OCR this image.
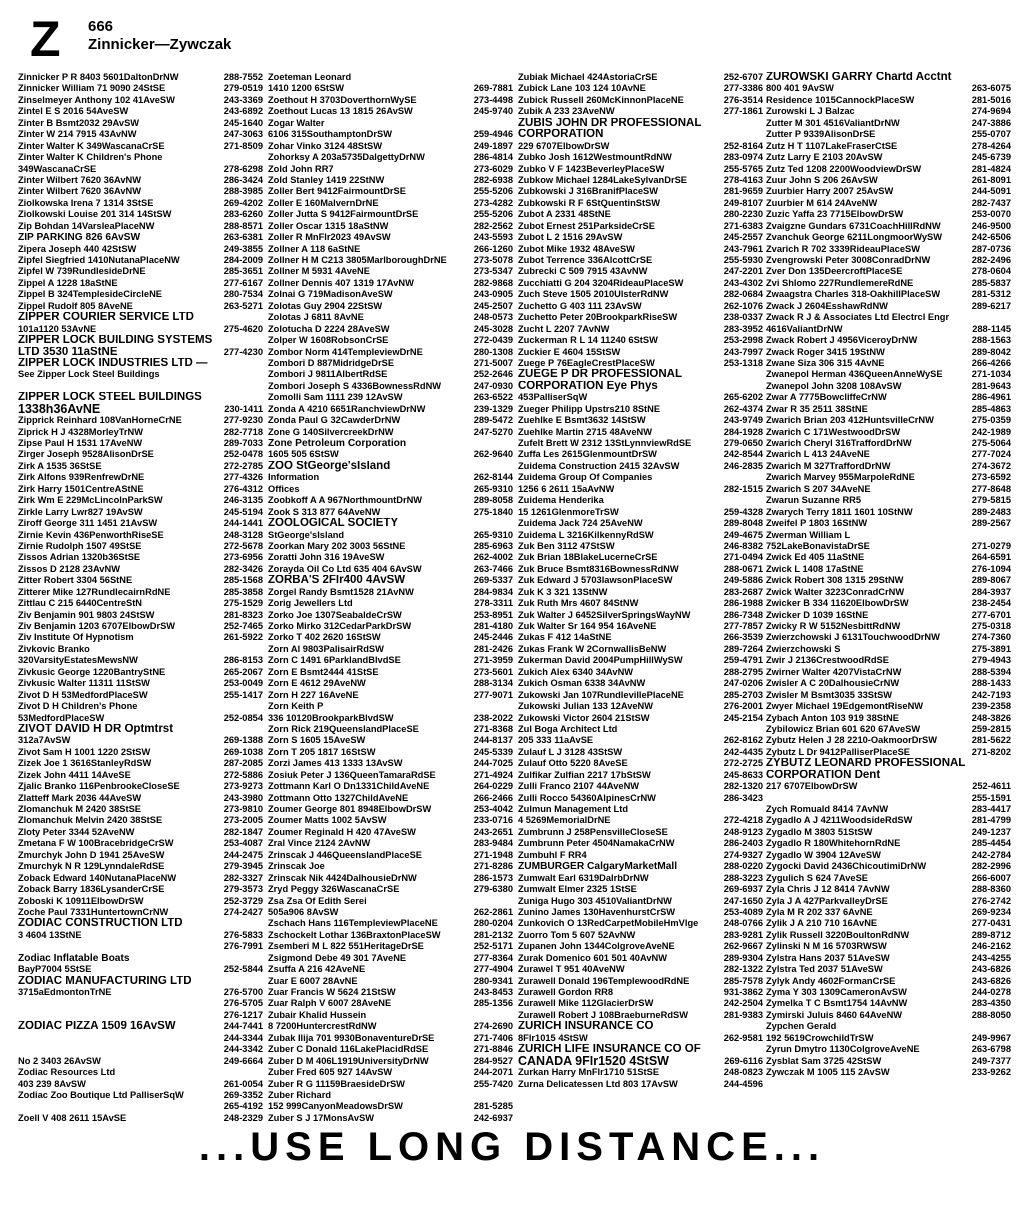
Z 666
Zinnicker—Zywczak
288-7552
Zinnicker P R 8403 5601DaltonDrNW
279-0519
Zinnicker William 71 9090 24StSE
243-3369
Zinselmeyer Anthony 102 41AveSW
243-6892
Zintel E S 2016 54AveSW
245-1640
Zinter B Bsmt2032 29AvSW
247-3063
Zinter W 214 7915 43AvNW
271-8509
Zinter Walter K 349WascanaCrSE
Zinter Walter K Children's Phone
278-6298
349WascanaCrSE
286-3424
Zinter Wilbert 7620 36AvNW
288-3985
Zinter Wilbert 7620 36AvNW
269-4202
Ziolkowska Irena 7 1314 3StSE
283-6260
Ziolkowski Louise 201 314 14StSW
288-8571
Zip Bohdan 14VarsleaPlaceNW
263-6381
ZIP PARKING 826 6AvSW
249-3855
Zipera Joseph 440 42StSW
284-2009
Zipfel Siegfried 1410NutanaPlaceNW
285-3651
Zipfel W 739RundlesideDrNE
277-6167
Zippel A 1228 18aStNE
280-7534
Zippel B 324TemplesideCircleNE
263-5271
Zippel Rudolf 805 8AveNE
ZIPPER COURIER SERVICE LTD
275-4620
101a1120 53AvNE
ZIPPER LOCK BUILDING SYSTEMS
277-4230
LTD 3530 11aStNE
ZIPPER LOCK INDUSTRIES LTD —
See Zipper Lock Steel Buildings
ZIPPER LOCK STEEL BUILDINGS
230-1411
1338h36AvNE
277-9230
Zipprick Reinhard 108VanHorneCrNE
282-7718
Ziprick H J 4328MorleyTrNW
289-7033
Zipse Paul H 1531 17AveNW
252-0478
Zirger Joseph 9528AlisonDrSE
272-2785
Zirk A 1535 36StSE
277-4326
Zirk Alfons 939RenfrewDrNE
276-4312
Zirk Harry 1501CentreAStNE
246-3135
Zirk Wm E 229McLincolnParkSW
245-5194
Zirkle Larry Lwr827 19AvSW
244-1441
Ziroff George 311 1451 21AvSW
248-3128
Zirnie Kevin 436PenworthRiseSE
272-5678
Zirnie Rudolph 1507 49StSE
273-6956
Zissos Adrian 1320b36StSE
282-3426
Zissos D 2128 23AvNW
285-1568
Zitter Robert 3304 56StNE
285-3858
Zitterer Mike 127RundlecairnRdNE
275-1529
Zittlau C 215 6440CentreStN
281-8323
Ziv Benjamin 901 9803 24StSW
252-7465
Ziv Benjamin 1203 6707ElbowDrSW
261-5922
Ziv Institute Of Hypnotism
Zivkovic Branko
286-8153
320VarsityEstatesMewsNW
265-2067
Zivkusic George 1220BantryStNE
253-0049
Zivkusic Walter 11311 11StSW
255-1417
Zivot D H 53MedfordPlaceSW
Zivot D H Children's Phone
252-0854
53MedfordPlaceSW
ZIVOT DAVID H DR Optmtrst
269-1388
312a7AvSW
269-1038
Zivot Sam H 1001 1220 2StSW
287-2085
Zizek Joe 1 3616StanleyRdSW
272-5886
Zizek John 4411 14AveSE
273-9273
Zjalic Branko 116PenbrookeCloseSE
243-3980
Zlatteff Mark 2036 44AveSW
273-9810
Zlomanchuk M 2420 38StSE
273-2005
Zlomanchuk Melvin 2420 38StSE
282-1847
Zloty Peter 3344 52AveNW
253-4087
Zmetana F W 100BracebridgeCrSW
244-2475
Zmurchyk John D 1941 25AveSW
279-3945
Zmurchyk N R 129LynndaleRdSE
282-3327
Zoback Edward 140NutanaPlaceNW
279-3573
Zoback Barry 1836LysanderCrSE
252-3729
Zoboski K 10911ElbowDrSW
274-2427
Zoche Paul 7331HuntertownCrNW
ZODIAC CONSTRUCTION LTD
276-5833
3 4604 13StNE
276-7991
Zodiac Inflatable Boats
252-5844
BayP7004 5StSE
ZODIAC MANUFACTURING LTD
276-5700
3715aEdmontonTrNE
276-5705
276-1217
244-7441
ZODIAC PIZZA 1509 16AvSW
244-3344
244-3342
249-6664
No 2 3403 26AvSW
Zodiac Resources Ltd
261-0054
403 239 8AvSW
269-3352
Zodiac Zoo Boutique Ltd PalliserSqW
265-4192
248-2329
Zoell V 408 2611 15AvSE
Zoeteman Leonard
269-7881
1410 1200 6StSW
273-4498
Zoethout H 3703DoverthornWySE
245-9740
Zoethout Lucas 13 1815 26AvSW
Zogar Walter
259-4946
6106 315SouthamptonDrSW
249-1897
Zohar Vinko 3124 48StSW
286-4814
Zohorksy A 203a5735DalgettyDrNW
273-6029
Zold John RR7
282-6938
Zold Stanley 1419 22StNW
255-5206
Zoller Bert 9412FairmountDrSE
273-4282
Zoller E 160MalvernDrNE
255-5206
Zoller Jutta S 9412FairmountDrSE
282-2562
Zoller Oscar 1315 18aStNW
243-5593
Zoller R MnFlr2023 49AvSW
266-1260
Zollner A 118 6aStNE
273-5078
Zollner H M C213 3805MarlboroughDrNE
273-5347
Zollner M 5931 4AveNE
282-9868
Zollner Dennis 407 1319 17AvNW
243-0905
Zolnai G 719MadisonAveSW
245-2507
Zolotas Guy 2904 22StSW
248-0573
Zolotas J 6811 8AvNE
245-3028
Zolotucha D 2224 28AveSW
272-0439
Zolper W 1608RobsonCrSE
280-1308
Zombor Norm 414TempleviewDrNE
271-5007
Zombori D 887MidridgeDrSE
252-2646
Zombori J 9811AlbertRdSE
247-0930
Zombori Joseph S 4336BownessRdNW
263-6522
Zomolli Sam 1111 239 12AvSW
239-1329
Zonda A 4210 6651RanchviewDrNW
289-5472
Zonda Paul G 32CawderDrNW
247-5270
Zone G 140SilvercreekDrNW
Zone Petroleum Corporation
262-9640
1605 505 6StSW
ZOO StGeorge'sIsland
262-8144
Information
265-9310
Offices
289-8058
Zoobkoff A A 967NorthmountDrNW
275-1840
Zook S 313 877 64AveNW
ZOOLOGICAL SOCIETY
265-9310
StGeorge'sIsland
285-6963
Zoorkan Mary 202 3003 56StNE
262-4002
Zoratti John 316 19AveSW
263-7466
Zorayda Oil Co Ltd 635 404 6AvSW
269-5337
ZORBA'S 2Flr400 4AvSW
284-9834
Zorgel Randy Bsmt1528 21AvNW
278-3311
Zorig Jewellers Ltd
253-8951
Zorko Joe 1307SeabaldeCrSW
281-4180
Zorko Mirko 312CedarParkDrSW
245-2446
Zorko T 402 2620 16StSW
281-2426
Zorn Al 9803PalisairRdSW
271-3959
Zorn C 1491 6ParklandBlvdSE
273-5601
Zorn E Bsmt2444 41StSE
288-3134
Zorn E 4612 29AveNW
277-9071
Zorn H 227 16AveNE
Zorn Keith P
238-2022
336 10120BrookparkBlvdSW
271-8368
Zorn Rick 219QueenslandPlaceSE
244-8137
Zorn S 1605 15AveSW
245-5339
Zorn T 205 1817 16StSW
244-7025
Zorzi James 413 1333 13AvSW
271-4924
Zosiuk Peter J 136QueenTamaraRdSE
264-0229
Zottmann Karl O Dn1331ChildAveNE
266-2466
Zottmann Otto 1327ChildAveNE
253-4042
Zoumer George 801 8948ElbowDrSW
233-0716
Zoumer Matts 1002 5AvSW
243-2651
Zoumer Reginald H 420 47AveSW
283-9484
Zral Vince 2124 2AvNW
271-1948
Zrinscak J 446QueenslandPlaceSE
271-8286
Zrinscak Joe
286-1573
Zrinscak Nik 4424DalhousieDrNW
279-6380
Zryd Peggy 326WascanaCrSE
Zsa Zsa Of Edith Serei
262-2861
505a906 8AvSW
280-0204
Zschach Hans 116TempleviewPlaceNE
281-2132
Zschockelt Lothar 136BraxtonPlaceSW
252-5171
Zsemberi M L 822 551HeritageDrSE
277-8364
Zsigmond Debe 49 301 7AveNE
277-4904
Zsuffa A 216 42AveNE
280-9341
Zuar E 6007 28AvNE
243-8453
Zuar Francis W 5624 21StSW
285-1356
Zuar Ralph V 6007 28AveNE
Zubair Khalid Hussein
274-2690
8 7200HuntercrestRdNW
271-7406
Zubak Ilija 701 9930BonaventureDrSE
271-8846
Zuber C Donald 116LakePlacidRdSE
284-9527
Zuber D M 406L1919UniversityDrNW
244-2071
Zuber Fred 605 927 14AvSW
255-7420
Zuber R G 11159BraesideDrSW
Zuber Richard
281-5285
152 999CanyonMeadowsDrSW
242-6937
Zuber S J 17MonsAvSW
252-6707
Zubiak Michael 424AstoriaCrSE
277-3386
Zubick Lane 103 124 10AvNE
276-3514
Zubick Russell 260McKinnonPlaceNE
277-1861
Zubik A 233 23AveNW
ZUBIS JOHN DR PROFESSIONAL
CORPORATION
252-8164
229 6707ElbowDrSW
283-0974
Zubko Josh 1612WestmountRdNW
255-5765
Zubko V F 1423BeverleyPlaceSW
278-4163
Zubkow Michael 1284LakeSylvanDrSE
281-9659
Zubkowski J 316BranifPlaceSW
249-8107
Zubkowski R F 6StQuentinStSW
280-2230
Zubot A 2331 48StNE
271-6383
Zubot Ernest 251ParksideCrSE
245-2557
Zubot L 2 1516 29AvSW
243-7961
Zubot Mike 1932 48AveSW
255-5930
Zubot Terrence 336AlcottCrSE
247-2201
Zubrecki C 509 7915 43AvNW
243-4302
Zucchiatti G 204 3204RideauPlaceSW
282-0684
Zuch Steve 1505 2010UlsterRdNW
262-1076
Zuchetto G 403 111 23AvSW
238-0337
Zuchetto Peter 20BrookparkRiseSW
283-3952
Zucht L 2207 7AvNW
253-2998
Zuckerman R L 14 11240 6StSW
243-7997
Zuckier E 4604 15StSW
253-1318
Zuege P 76EagleCrestPlaceSW
ZUEGE P DR PROFESSIONAL
CORPORATION Eye Phys
265-6202
453PalliserSqW
262-4374
Zueger Philipp Upstrs210 8StNE
243-9749
Zuehlke E Bsmt3632 14StSW
284-1928
Zuehlke Martin 2715 48AveNW
279-0650
Zufelt Brett W 2312 13StLynnviewRdSE
242-8544
Zuffa Les 2615GlenmountDrSW
246-2835
Zuidema Construction 2415 32AvSW
Zuidema Group Of Companies
282-1515
1256 6 2611 15aAvNW
Zuidema Henderika
259-4328
15 1261GlenmoreTrSW
289-8048
Zuidema Jack 724 25AveNW
249-4675
Zuidema L 3216KilkennyRdSW
246-8382
Zuk Ben 3112 47StSW
271-0494
Zuk Brian 18BlakeLucerneCrSE
288-0671
Zuk Bruce Bsmt8316BownessRdNW
249-5886
Zuk Edward J 5703lawsonPlaceSW
283-2687
Zuk K 3 321 13StNW
286-1988
Zuk Ruth Mrs 4607 84StNW
286-7348
Zuk Walter J 6452SilverSpringsWayNW
277-7857
Zuk Walter Sr 164 954 16AveNE
266-3539
Zukas F 412 14aStNE
289-7264
Zukas Frank W 2CornwallisBeNW
259-4791
Zukerman David 2004PumpHillWySW
288-2795
Zukich Alex 6340 34AvNW
247-0206
Zukich Osman 6338 34AvNW
285-2703
Zukowski Jan 107RundlevillePlaceNE
276-2001
Zukowski Julian 133 12AveNW
245-2154
Zukowski Victor 2604 21StSW
Zul Boga Architect Ltd
262-8162
205 333 11aAvSE
242-4435
Zulauf L J 3128 43StSW
272-2725
Zulauf Otto 5220 8AveSE
245-8633
Zulfikar Zulfian 2217 17bStSW
282-1320
Zulli Franco 2107 44AveNW
286-3423
Zulli Rocco 54360AlpinesCrNW
Zulmun Management Ltd
272-4218
4 5269MemorialDrNE
248-9123
Zumbrunn J 258PensvilleCloseSE
286-2403
Zumbrunn Peter 4504NamakaCrNW
274-9327
Zumbuhl F RR4
288-0220
ZUMBURGER CalgaryMarketMall
288-3223
Zumwalt Earl 6319DalrbDrNW
269-6937
Zumwalt Elmer 2325 1StSE
247-1650
Zuniga Hugo 303 4510ValiantDrNW
253-4089
Zunino James 130HavenhurstCrSW
248-0766
Zunkovich O 13RedCarpetMobileHmVlge
283-9281
Zuorro Tom 5 607 52AvNW
262-9667
Zupanen John 1344ColgroveAveNE
289-9304
Zurak Domenico 601 501 40AvNW
282-1322
Zurawel T 951 40AveNW
285-7578
Zurawell Donald 196TemplewoodRdNE
931-3862
Zurawell Gordon RR8
242-2504
Zurawell Mike 112GlacierDrSW
281-9383
Zurawell Robert J 108BraeburneRdSW
ZURICH INSURANCE CO
262-9581
8Flr1015 4StSW
ZURICH LIFE INSURANCE CO OF
269-6116
CANADA 9Flr1520 4StSW
248-0823
Zurkan Harry MnFlr1710 51StSE
244-4596
Zurna Delicatessen Ltd 803 17AvSW
ZUROWSKI GARRY Chartd Acctnt
263-6075
800 401 9AvSW
281-5016
Residence 1015CannockPlaceSW
274-9694
Zurowski L J Balzac
247-3886
Zutter M 301 4516ValiantDrNW
255-0707
Zutter P 9339AlisonDrSE
278-4264
Zutz H T 1107LakeFraserCtSE
245-6739
Zutz Larry E 2103 20AvSW
281-4824
Zutz Ted 1208 2200WoodviewDrSW
261-8091
Zuur John S 206 26AvSW
244-5091
Zuurbier Harry 2007 25AvSW
282-7437
Zuurbier M 614 24AveNW
253-0070
Zuzic Yaffa 23 7715ElbowDrSW
246-9500
Zvaigzne Gundars 6731CoachHillRdNW
242-6506
Zvanchuk George 6211LongmoorWySW
287-0736
Zvarich R 702 3339RideauPlaceSW
282-2496
Zvengrowski Peter 3008ConradDrNW
278-0604
Zver Don 135DeercroftPlaceSE
285-5837
Zvi Shlomo 227RundlemereRdNE
281-5312
Zwaagstra Charles 318-OakhillPlaceSW
289-6217
Zwack J 2604EsshawRdNW
Zwack R J & Associates Ltd Electrcl Engr
288-1145
4616ValiantDrNW
288-1563
Zwack Robert J 4956ViceroyDrNW
289-8042
Zwack Roger 3415 19StNW
266-4266
Zwane Siza 306 315 4AvNE
271-1034
Zwanepol Herman 436QueenAnneWySE
281-9643
Zwanepol John 3208 108AvSW
286-4961
Zwar A 7775BowcliffeCrNW
285-4863
Zwar R 35 2511 38StNE
275-0359
Zwarich Brian 203 412HuntsvilleCrNW
242-1989
Zwarich C 171WestwoodDrSW
275-5064
Zwarich Cheryl 316TraffordDrNW
277-7024
Zwarich L 413 24AveNE
274-3672
Zwarich M 327TraffordDrNW
273-6592
Zwarich Marvey 955MarpoleRdNE
277-8648
Zwarich S 207 34AveNE
279-5815
Zwarun Suzanne RR5
289-2483
Zwarych Terry 1811 1601 10StNW
289-2567
Zweifel P 1803 16StNW
Zwerman William L
271-0279
752LakeBonavistaDrSE
264-6591
Zwick Ed 405 11aStNE
276-1094
Zwick L 1408 17aStNE
289-8067
Zwick Robert 308 1315 29StNW
284-3937
Zwick Walter 3223ConradCrNW
238-2454
Zwicker B 334 11620ElbowDrSW
277-6701
Zwicker D 1039 16StNE
275-0318
Zwicky R W 5152NesbittRdNW
274-7360
Zwierzchowski J 6131TouchwoodDrNW
275-3891
Zwierzchowski S
279-4943
Zwir J 2136CrestwoodRdSE
288-5394
Zwirner Walter 4207VistaCrNW
288-1433
Zwisler A C 20DalhousieCrNW
242-7193
Zwisler M Bsmt3035 33StSW
239-2358
Zwyer Michael 19EdgemontRiseNW
248-3826
Zybach Anton 103 919 38StNE
259-2815
Zybilowicz Brian 601 620 67AveSW
281-5622
Zybutz Helen J 28 2210-OakmoorDrSW
271-8202
Zybutz L Dr 9412PalliserPlaceSE
ZYBUTZ LEONARD PROFESSIONAL
CORPORATION Dent
252-4611
217 6707ElbowDrSW
255-1591
283-4417
Zych Romuald 8414 7AvNW
281-4799
Zygadlo A J 4211WoodsideRdSW
249-1237
Zygadlo M 3803 51StSW
285-4454
Zygadlo R 180WhitehornRdNE
242-2784
Zygadlo W 3904 12AveSW
282-2996
Zygocki David 2436ChicoutimiDrNW
266-6007
Zygulich S 624 7AveSE
288-8360
Zyla Chris J 12 8414 7AvNW
276-2742
Zyla J A 427ParkvalleyDrSE
269-9234
Zyla M R 202 337 6AvNE
277-0431
Zylik J A 210 710 16AvNE
289-8712
Zylik Russell 3220BoultonRdNW
246-2162
Zylinski N M 16 5703RWSW
243-4255
Zylstra Hans 2037 51AveSW
243-6826
Zylstra Ted 2037 51AveSW
243-6826
Zylyk Andy 4602FormanCrSE
244-0278
Zyma Y 303 1309CameronAvSW
283-4350
Zymelka T C Bsmt1754 14AvNW
288-8050
Zymirski Juluis 8460 64AveNW
Zypchen Gerald
249-9967
192 5619CrowchildTrSW
263-6798
Zyrun Dmytro 1130ColgroveAveNE
249-7377
Zysblat Sam 3725 42StSW
233-9262
Zywczak M 1005 115 2AvSW
...USE LONG DISTANCE...
